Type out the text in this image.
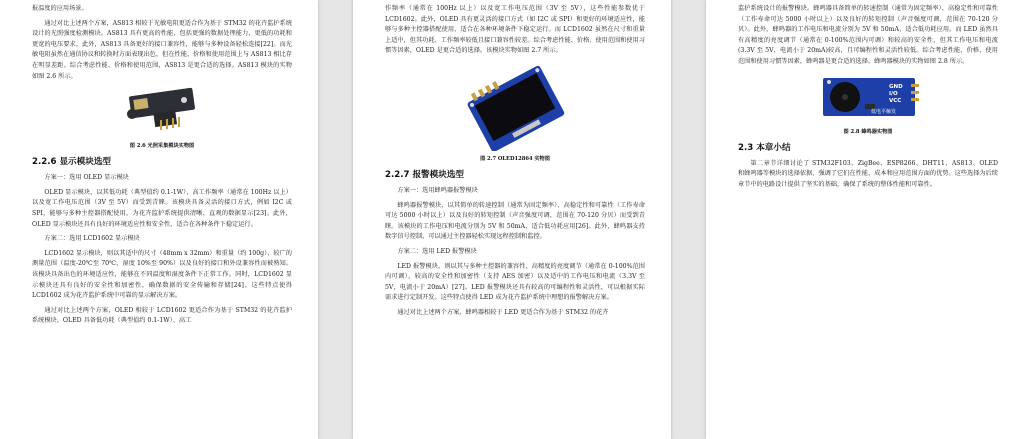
报温度的应用场景。

通过对比上述两个方案，AS813 相较于光敏电阻更适合作为基于 STM32 的花卉监护系统设计的光照强度检测模块。AS813 具有更高的性能，包括更强的数据处理能力，更低的功耗和更宽的电压要求。此外，AS813 具备更好的接口兼容性，能够与多种设备轻松连接[22]。而光敏电阻虽然在通信协议和转换时方面表现出色，但在性能、价格和使用范围上与 AS813 相比存在明显差距。综合考虑性能、价格和使用范围，AS813 是更合适的选择。AS813 模块的实物如图 2.6 所示。

图 2.6 光照采集模块实物图
2.2.6 显示模块选型

方案一：选用 OLED 显示模块

OLED 显示模块，以其低功耗（典型值约 0.1-1W）、高工作频率（通常在 100Hz 以上）以及宽工作电压范围（3V 至 5V）而受到青睐。该模块具备灵活的接口方式，例如 I2C 或 SPI，能够与多种主控器搭配使用，为花卉监护系统提供清晰、直观的数据显示[23]。此外，OLED 显示模块还具有良好的环境适应性和安全性，适合在各种条件下稳定运行。

方案二：选用 LCD1602 显示模块

LCD1602 显示模块，则以其适中的尺寸（48mm x 32mm）和重量（约 100g）、较广的测量范围（温度-20℃至 70℃，湿度 10%至 90%）以及良好的接口和外设兼容性而被熟知。该模块具备出色的环境适应性，能够在不同温度和湿度条件下正常工作。同时，LCD1602 显示模块还具有良好的安全性和加密性，确保数据的安全传输和存储[24]。这些特点使得 LCD1602 成为花卉监护系统中可靠的显示解决方案。

通过对比上述两个方案，OLED 相较于 LCD1602 更适合作为基于 STM32 的花卉监护系统模块。OLED 具备低功耗（典型值约 0.1-1W）、高工

作频率（通常在 100Hz 以上）以及宽工作电压范围（3V 至 5V），这些性能参数优于 LCD1602。此外，OLED 具有更灵活的接口方式（如 I2C 或 SPI）和更好的环境适应性，能够与多种主控器搭配使用，适合在各种环境条件下稳定运行。而 LCD1602 虽然在尺寸和重量上适中，但其功耗、工作频率较低且接口兼容性较差。综合考虑性能、价格、使用范围和使用习惯等因素，OLED 是更合适的选择。该模块实物如图 2.7 所示。

图 2.7 OLED12864 实物图
2.2.7 报警模块选型

方案一：选用蜂鸣器报警模块

蜂鸣器报警模块，以其简单的转速控制（通常为固定频率）、高稳定性和可靠性（工作寿命可达 5000 小时以上）以及良好的转矩控制（声音强度可调，范围在 70-120 分贝）而受到青睐。该模块的工作电压和电流分别为 5V 和 50mA，适合低功耗应用[26]。此外，蜂鸣器支持数字信号控制，可以通过主控器轻松实现远程控制和监控。

方案二：选用 LED 报警模块

LED 报警模块，则以其与多种主控器的兼容性、高精度的亮度调节（通常在 0-100%范围内可调），较高的安全性和加密性（支持 AES 加密）以及适中的工作电压和电流（3.3V 至 5V，电流小于 20mA）[27]。LED 报警模块还具有较高的可编程性和灵活性，可以根据实际需求进行定制开发。这些特点使得 LED 成为花卉监护系统中理想的报警解决方案。

通过对比上述两个方案，蜂鸣器相较于 LED 更适合作为基于 STM32 的花卉

监护系统设计的报警模块。蜂鸣器具备简单的转速控制（通常为固定频率）、高稳定性和可靠性（工作寿命可达 5000 小时以上）以及良好的转矩控制（声音强度可调，范围在 70-120 分贝）。此外，蜂鸣器的工作电压和电流分别为 5V 和 50mA，适合低功耗应用。而 LED 虽然具有高精度的亮度调节（通常在 0-100%范围内可调）和较高的安全性，但其工作电压和电流(3.3V 至 5V，电流小于 20mA)较高，且可编程性和灵活性较低。综合考虑性能、价格、使用范围和使用习惯等因素，蜂鸣器是更合适的选择。蜂鸣器模块的实物如图 2.8 所示。

GND
I/O
VCC
低电平触发
图 2.8 蜂鸣器实物图
2.3 本章小结

第二章节详细讨论了 STM32F103、ZigBee、ESP8266、DHT11、AS813、OLED 和蜂鸣器等模块的选择依据，强调了它们在性能、成本和应用范围方面的优势。这些选择为后续章节中的电路设计提供了坚实的基础，确保了系统的整体性能和可靠性。
